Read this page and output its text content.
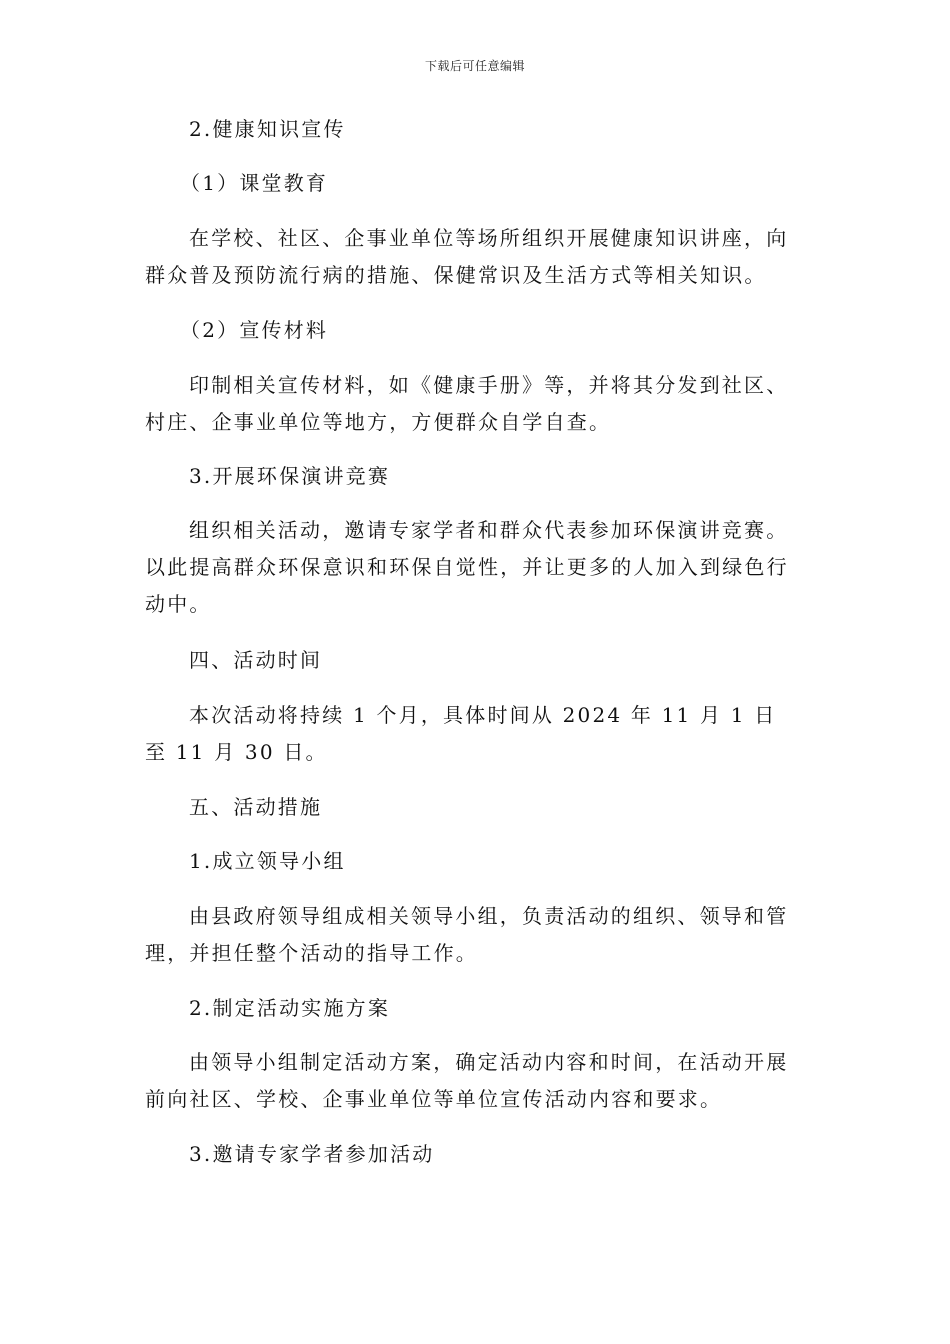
下载后可任意编辑

2.健康知识宣传

（1）课堂教育

在学校、社区、企事业单位等场所组织开展健康知识讲座，向群众普及预防流行病的措施、保健常识及生活方式等相关知识。

（2）宣传材料

印制相关宣传材料，如《健康手册》等，并将其分发到社区、村庄、企事业单位等地方，方便群众自学自查。

3.开展环保演讲竞赛

组织相关活动，邀请专家学者和群众代表参加环保演讲竞赛。以此提高群众环保意识和环保自觉性，并让更多的人加入到绿色行动中。

四、活动时间

本次活动将持续 1 个月，具体时间从 2024 年 11 月 1 日至 11 月 30 日。

五、活动措施

1.成立领导小组

由县政府领导组成相关领导小组，负责活动的组织、领导和管理，并担任整个活动的指导工作。

2.制定活动实施方案

由领导小组制定活动方案，确定活动内容和时间，在活动开展前向社区、学校、企事业单位等单位宣传活动内容和要求。

3.邀请专家学者参加活动
